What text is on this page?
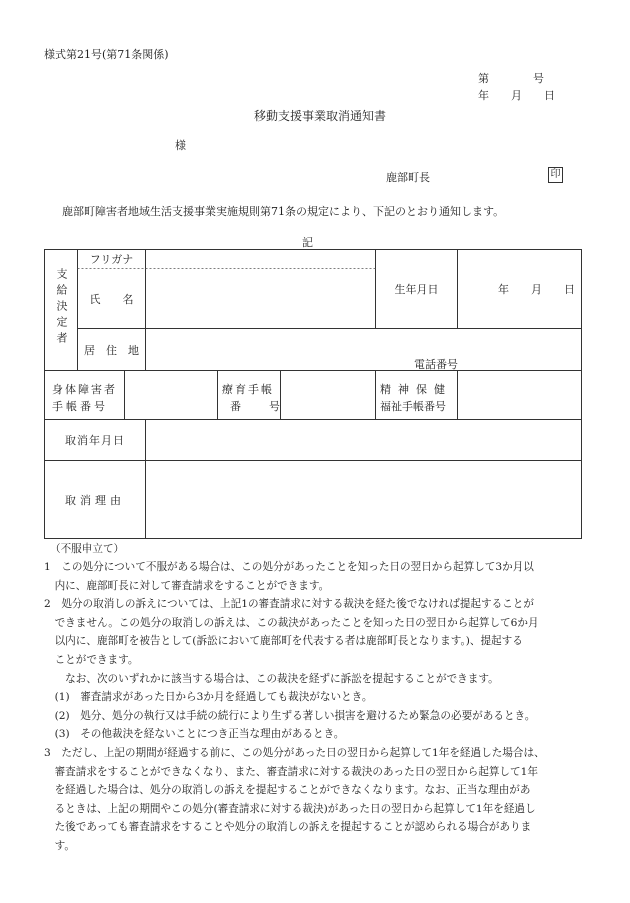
様式第21号(第71条関係)
第　　　　号
年　　月　　日
移動支援事業取消通知書
様
鹿部町長	印
鹿部町障害者地域生活支援事業実施規則第71条の規定により、下記のとおり通知します。
記
支給決定者
フリガナ
氏　　名
生年月日	年　　月　　日
居　住　地
電話番号
身体障害者
手帳番号
療育手帳
番　　号
精神保健
福祉手帳番号
取消年月日
取消理由
（不服申立て）
1　この処分について不服がある場合は、この処分があったことを知った日の翌日から起算して3か月以
　内に、鹿部町長に対して審査請求をすることができます。
2　処分の取消しの訴えについては、上記1の審査請求に対する裁決を経た後でなければ提起することが
　できません。この処分の取消しの訴えは、この裁決があったことを知った日の翌日から起算して6か月
　以内に、鹿部町を被告として(訴訟において鹿部町を代表する者は鹿部町長となります。)、提起する
　ことができます。
　　なお、次のいずれかに該当する場合は、この裁決を経ずに訴訟を提起することができます。
　(1)　審査請求があった日から3か月を経過しても裁決がないとき。
　(2)　処分、処分の執行又は手続の続行により生ずる著しい損害を避けるため緊急の必要があるとき。
　(3)　その他裁決を経ないことにつき正当な理由があるとき。
3　ただし、上記の期間が経過する前に、この処分があった日の翌日から起算して1年を経過した場合は、
　審査請求をすることができなくなり、また、審査請求に対する裁決のあった日の翌日から起算して1年
　を経過した場合は、処分の取消しの訴えを提起することができなくなります。なお、正当な理由があ
　るときは、上記の期間やこの処分(審査請求に対する裁決)があった日の翌日から起算して1年を経過し
　た後であっても審査請求をすることや処分の取消しの訴えを提起することが認められる場合がありま
　す。
